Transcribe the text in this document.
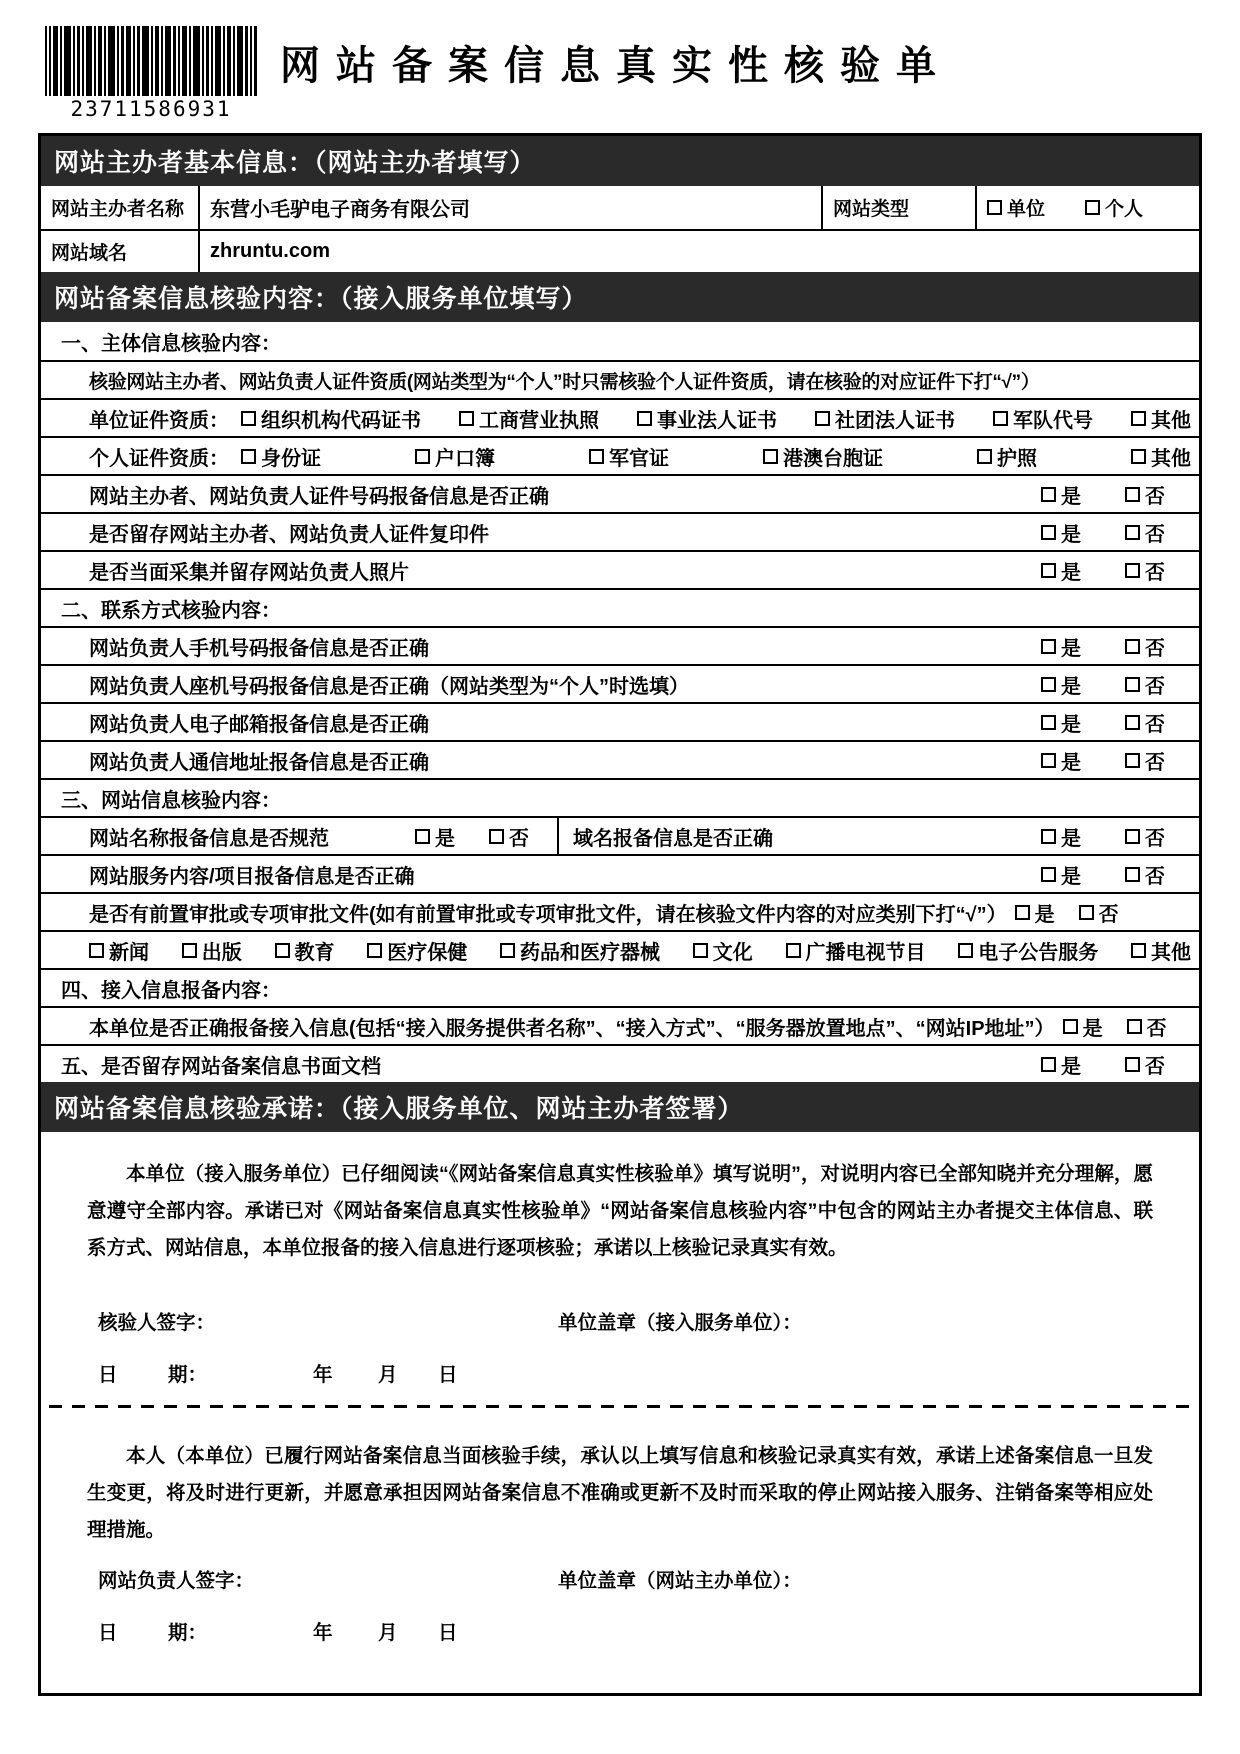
23711586931
网站备案信息真实性核验单
网站主办者基本信息：（网站主办者填写）
网站主办者名称	东营小毛驴电子商务有限公司	网站类型	单位	个人
网站域名	zhruntu.com
网站备案信息核验内容：（接入服务单位填写）
一、主体信息核验内容：
核验网站主办者、网站负责人证件资质(网站类型为“个人”时只需核验个人证件资质，请在核验的对应证件下打“√”）
单位证件资质： 组织机构代码证书	工商营业执照	事业法人证书	社团法人证书	军队代号	其他
个人证件资质： 身份证	户口簿	军官证	港澳台胞证	护照	其他
网站主办者、网站负责人证件号码报备信息是否正确	是	否
是否留存网站主办者、网站负责人证件复印件	是	否
是否当面采集并留存网站负责人照片	是	否
二、联系方式核验内容：
网站负责人手机号码报备信息是否正确	是	否
网站负责人座机号码报备信息是否正确（网站类型为“个人”时选填）	是	否
网站负责人电子邮箱报备信息是否正确	是	否
网站负责人通信地址报备信息是否正确	是	否
三、网站信息核验内容：
网站名称报备信息是否规范	是	否	域名报备信息是否正确	是	否
网站服务内容/项目报备信息是否正确	是	否
是否有前置审批或专项审批文件(如有前置审批或专项审批文件，请在核验文件内容的对应类别下打“√”） 是 否
新闻	出版	教育	医疗保健	药品和医疗器械	文化	广播电视节目	电子公告服务	其他
四、接入信息报备内容：
本单位是否正确报备接入信息(包括“接入服务提供者名称”、“接入方式”、“服务器放置地点”、“网站IP地址”） 是 否
五、是否留存网站备案信息书面文档	是	否
网站备案信息核验承诺：（接入服务单位、网站主办者签署）

本单位（接入服务单位）已仔细阅读“《网站备案信息真实性核验单》填写说明”，对说明内容已全部知晓并充分理解，愿意遵守全部内容。承诺已对《网站备案信息真实性核验单》“网站备案信息核验内容”中包含的网站主办者提交主体信息、联系方式、网站信息，本单位报备的接入信息进行逐项核验；承诺以上核验记录真实有效。

核验人签字：	单位盖章（接入服务单位）：
日	期：	年 月 日

本人（本单位）已履行网站备案信息当面核验手续，承认以上填写信息和核验记录真实有效，承诺上述备案信息一旦发生变更，将及时进行更新，并愿意承担因网站备案信息不准确或更新不及时而采取的停止网站接入服务、注销备案等相应处理措施。

网站负责人签字：	单位盖章（网站主办单位）：
日	期：	年 月 日
